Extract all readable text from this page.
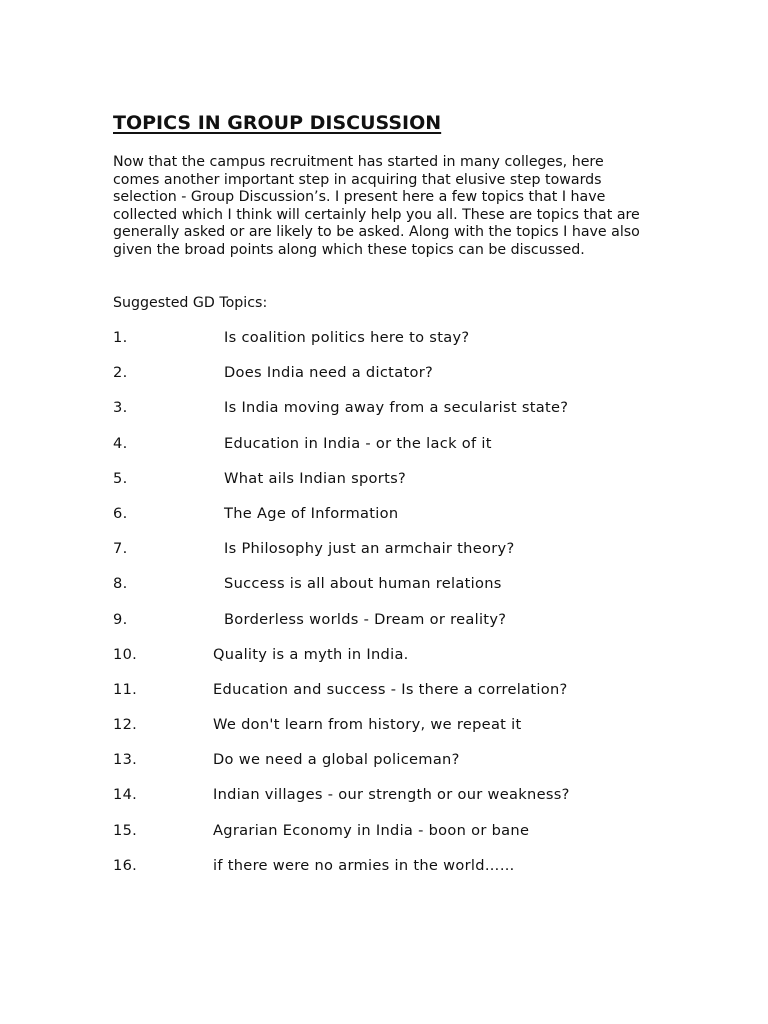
TOPICS IN GROUP DISCUSSION

Now that the campus recruitment has started in many colleges, here comes another important step in acquiring that elusive step towards selection - Group Discussion’s. I present here a few topics that I have collected which I think will certainly help you all. These are topics that are generally asked or are likely to be asked. Along with the topics I have also given the broad points along which these topics can be discussed.

Suggested GD Topics:

1.	Is coalition politics here to stay?
2.	Does India need a dictator?
3.	Is India moving away from a secularist state?
4.	Education in India - or the lack of it
5.	What ails Indian sports?
6.	The Age of Information
7.	Is Philosophy just an armchair theory?
8.	Success is all about human relations
9.	Borderless worlds - Dream or reality?
10.	Quality is a myth in India.
11.	Education and success - Is there a correlation?
12.	We don't learn from history, we repeat it
13.	Do we need a global policeman?
14.	Indian villages - our strength or our weakness?
15.	Agrarian Economy in India - boon or bane
16.	if there were no armies in the world……
